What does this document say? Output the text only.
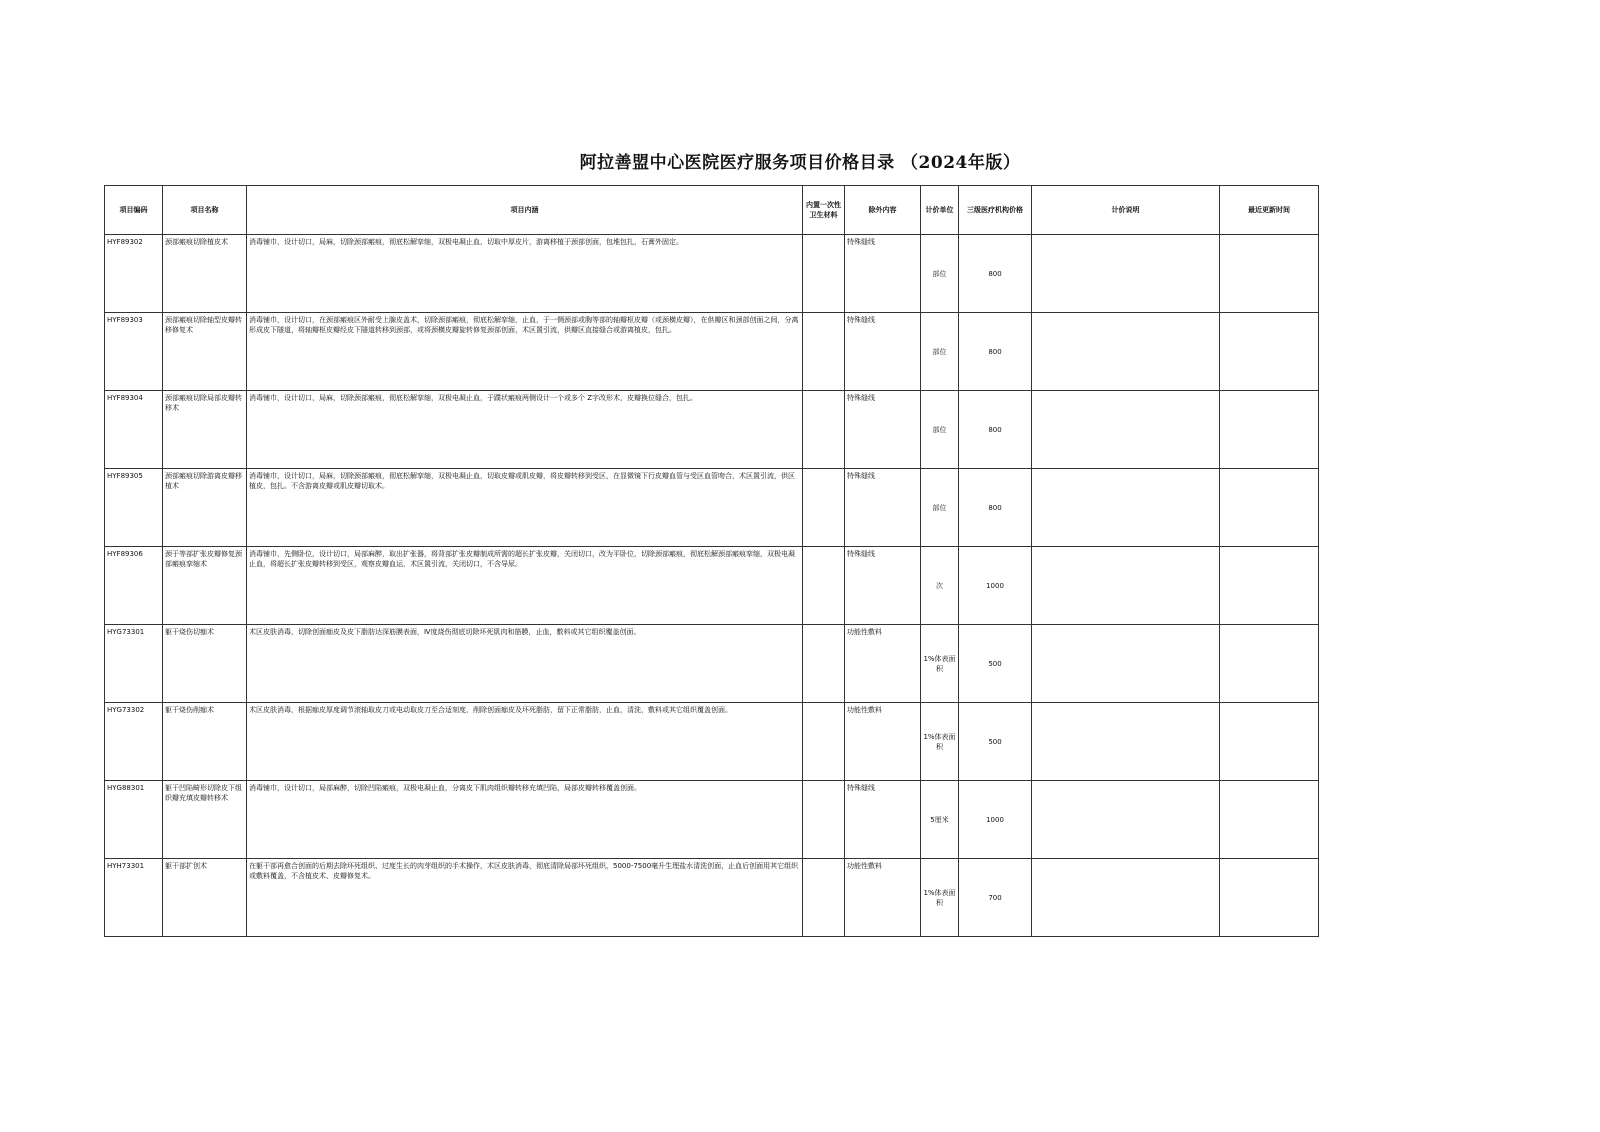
阿拉善盟中心医院医疗服务项目价格目录 （2024年版）
项目编码	项目名称	项目内涵	内置一次性卫生材料	除外内容	计价单位	三级医疗机构价格	计价说明	最近更新时间
HYF89302	颈部瘢痕切除植皮术	消毒铺巾，设计切口，局麻，切除颈部瘢痕，彻底松解挛缩，双极电凝止血，切取中厚皮片，游离移植于颈部创面，包堆包扎，石膏外固定。		特殊缝线	部位	800		
HYF89303	颈部瘢痕切除轴型皮瓣转移修复术	消毒铺巾，设计切口，在颈部瘢痕区外耐受上腺皮盖术，切除颈部瘢痕，彻底松解挛缩，止血，于一侧颈部或胸等部的轴瓣枢皮瓣（或颈横皮瓣），在供瓣区和颈部创面之间，分离形成皮下隧道，将轴瓣枢皮瓣经皮下隧道转移到颈部，或将颈横皮瓣旋转修复颈部创面，术区置引流，供瓣区直接缝合或游离植皮，包扎。		特殊缝线	部位	800		
HYF89304	颈部瘢痕切除局部皮瓣转移术	消毒铺巾，设计切口，局麻，切除颈部瘢痕，彻底松解挛缩，双极电凝止血，于蹼状瘢痕两侧设计一个或多个 Z字改形术，皮瓣换位缝合，包扎。		特殊缝线	部位	800		
HYF89305	颈部瘢痕切除游离皮瓣移植术	消毒铺巾，设计切口，局麻，切除颈部瘢痕，彻底松解挛缩，双极电凝止血，切取皮瓣或肌皮瓣，将皮瓣转移到受区，在显微镜下行皮瓣血管与受区血管吻合，术区置引流，供区植皮，包扎。不含游离皮瓣或肌皮瓣切取术。		特殊缝线	部位	800		
HYF89306	颈于等部扩张皮瓣修复颈部瘢痕挛缩术	消毒铺巾，先侧卧位，设计切口，局部麻醉，取出扩张器，将背部扩张皮瓣制成所需的超长扩张皮瓣，关闭切口，改为平卧位，切除颈部瘢痕，彻底松解颈部瘢痕挛缩，双极电凝止血，将超长扩张皮瓣转移到受区，观察皮瓣血运，术区置引流，关闭切口，不含导尿。		特殊缝线	次	1000		
HYG73301	躯干烧伤切痂术	术区皮肤消毒，切除创面痂皮及皮下脂肪达深筋膜表面，Ⅳ度烧伤彻底切除坏死肌肉和筋膜，止血，敷料或其它组织覆盖创面。		功能性敷料	1%体表面积	500		
HYG73302	躯干烧伤削痂术	术区皮肤消毒，根据痂皮厚度调节滚轴取皮刀或电动取皮刀至合适刻度，削除创面痂皮及坏死脂肪，留下正常脂肪，止血，清洗，敷料或其它组织覆盖创面。		功能性敷料	1%体表面积	500		
HYG88301	躯干凹陷畸形切除皮下组织瓣充填皮瓣转移术	消毒铺巾，设计切口，局部麻醉，切除凹陷瘢痕，双极电凝止血，分离皮下肌肉组织瓣转移充填凹陷，局部皮瓣转移覆盖创面。		特殊缝线	5厘米	1000		
HYH73301	躯干部扩创术	在躯干部再愈合创面的后期去除坏死组织、过度生长的肉芽组织的手术操作，术区皮肤消毒，彻底清除局部坏死组织，5000-7500毫升生理盐水清洗创面，止血后创面用其它组织或敷料覆盖，不含植皮术、皮瓣修复术。		功能性敷料	1%体表面积	700		
